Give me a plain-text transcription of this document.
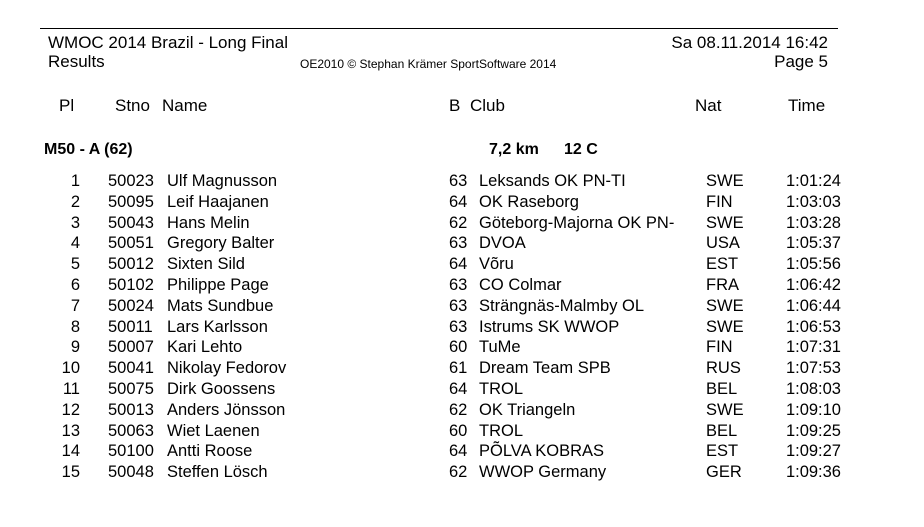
WMOC 2014 Brazil - Long Final	Sa 08.11.2014 16:42
Results	OE2010 © Stephan Krämer SportSoftware 2014	Page 5
Pl Stno Name	B Club	Nat	Time
M50 - A (62)	7,2 km 12 C
1 50023 Ulf Magnusson	63 Leksands OK PN-TI	SWE	1:01:24
2 50095 Leif Haajanen	64 OK Raseborg	FIN	1:03:03
3 50043 Hans Melin	62 Göteborg-Majorna OK PN-	SWE	1:03:28
4 50051 Gregory Balter	63 DVOA	USA	1:05:37
5 50012 Sixten Sild	64 Võru	EST	1:05:56
6 50102 Philippe Page	63 CO Colmar	FRA	1:06:42
7 50024 Mats Sundbue	63 Strängnäs-Malmby OL	SWE	1:06:44
8 50011 Lars Karlsson	63 Istrums SK WWOP	SWE	1:06:53
9 50007 Kari Lehto	60 TuMe	FIN	1:07:31
10 50041 Nikolay Fedorov	61 Dream Team SPB	RUS	1:07:53
11 50075 Dirk Goossens	64 TROL	BEL	1:08:03
12 50013 Anders Jönsson	62 OK Triangeln	SWE	1:09:10
13 50063 Wiet Laenen	60 TROL	BEL	1:09:25
14 50100 Antti Roose	64 PÕLVA KOBRAS	EST	1:09:27
15 50048 Steffen Lösch	62 WWOP Germany	GER	1:09:36
